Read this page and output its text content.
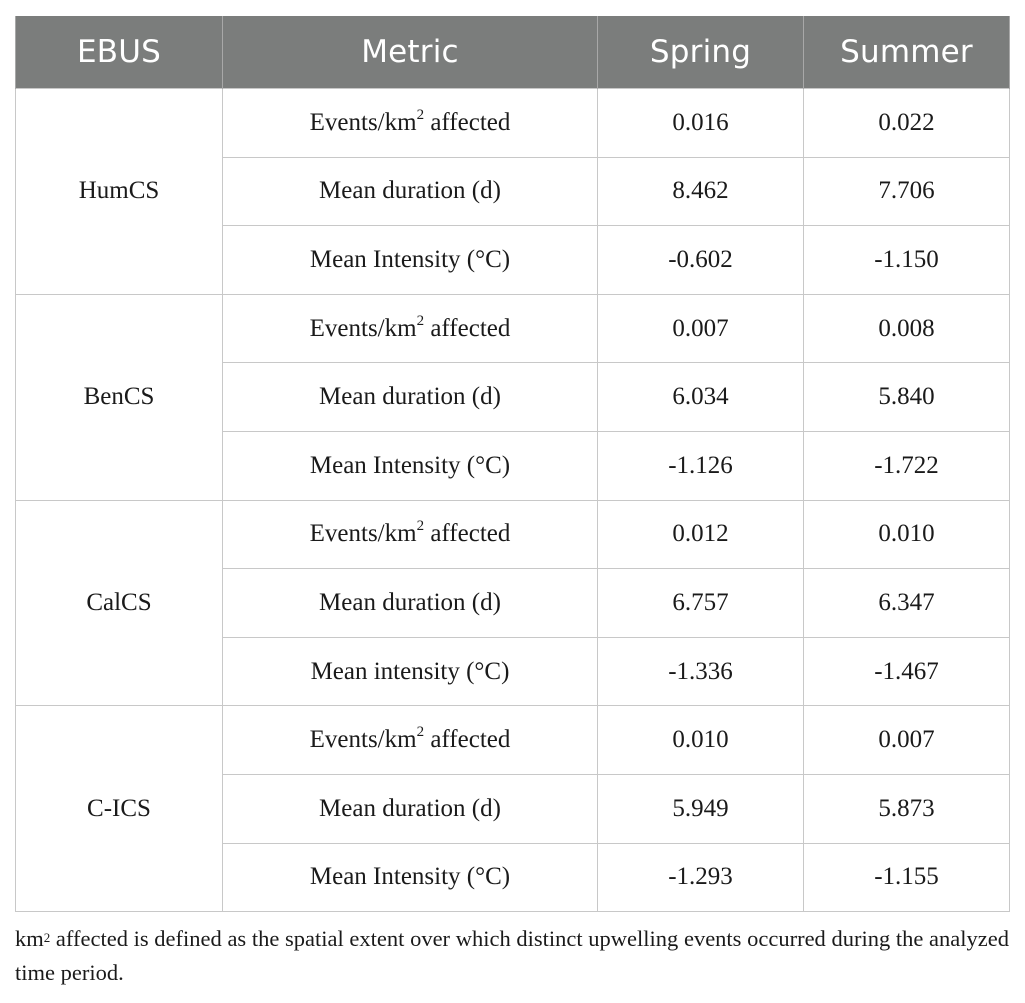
EBUS	Metric	Spring	Summer
HumCS	Events/$km^2$ affected	0.016	0.022
	Mean duration (d)	8.462	7.706
	Mean Intensity (°C)	-0.602	-1.150
BenCS	Events/$km^2$ affected	0.007	0.008
	Mean duration (d)	6.034	5.840
	Mean Intensity (°C)	-1.126	-1.722
CalCS	Events/$km^2$ affected	0.012	0.010
	Mean duration (d)	6.757	6.347
	Mean intensity (°C)	-1.336	-1.467
C-ICS	Events/$km^2$ affected	0.010	0.007
	Mean duration (d)	5.949	5.873
	Mean Intensity (°C)	-1.293	-1.155
$km^2$ affected is defined as the spatial extent over which distinct upwelling events occurred during the analyzed time period.
